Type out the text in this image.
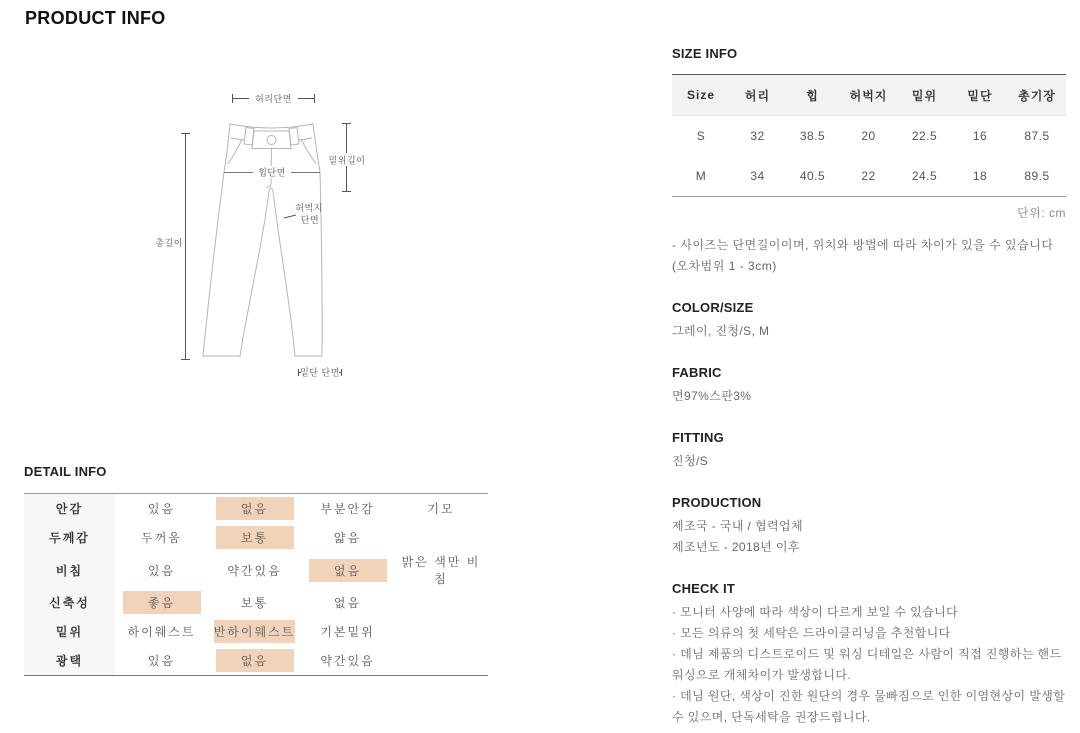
PRODUCT INFO
허리단면
힙단면
밑위길이
총길이
허벅지
단면
밑단 단면
SIZE INFO
Size	허리	힙	허벅지	밑위	밑단	총기장
S	32	38.5	20	22.5	16	87.5
M	34	40.5	22	24.5	18	89.5
단위: cm
- 사이즈는 단면길이이며, 위치와 방법에 따라 차이가 있을 수 있습니다
(오차범위 1 - 3cm)
COLOR/SIZE
그레이, 진청/S, M
FABRIC
면97%스판3%
FITTING
진청/S
PRODUCTION
제조국 - 국내 / 협력업체
제조년도 - 2018년 이후
CHECK IT
· 모니터 사양에 따라 색상이 다르게 보일 수 있습니다
· 모든 의류의 첫 세탁은 드라이클리닝을 추천합니다
· 데님 제품의 디스트로이드 및 워싱 디테일은 사람이 직접 진행하는 핸드 워싱으로 개체차이가 발생합니다.
· 데님 원단, 색상이 진한 원단의 경우 물빠짐으로 인한 이염현상이 발생할 수 있으며, 단독세탁을 권장드립니다.
DETAIL INFO
안감	있음	없음	부분안감	기모
두께감	두꺼움	보통	얇음	
비침	있음	약간있음	없음	밝은 색만 비침
신축성	좋음	보통	없음	
밑위	하이웨스트	반하이웨스트	기본밑위	
광택	있음	없음	약간있음	
